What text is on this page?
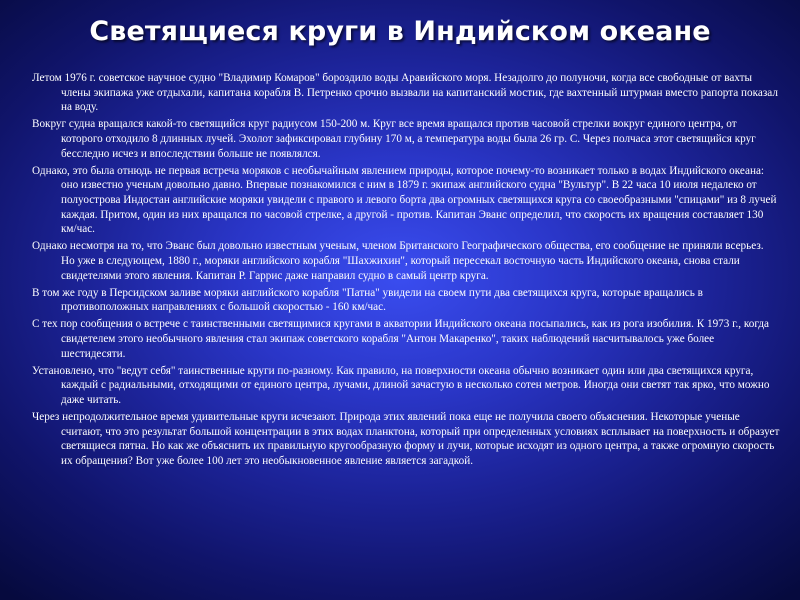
Светящиеся круги в Индийском океане

Летом 1976 г. советское научное судно "Владимир Комаров" бороздило воды Аравийского моря. Незадолго до полуночи, когда все свободные от вахты члены экипажа уже отдыхали, капитана корабля В. Петренко срочно вызвали на капитанский мостик, где вахтенный штурман вместо рапорта показал на воду.

Вокруг судна вращался какой-то светящийся круг радиусом 150-200 м. Круг все время вращался против часовой стрелки вокруг единого центра, от которого отходило 8 длинных лучей. Эхолот зафиксировал глубину 170 м, а температура воды была 26 гр. С. Через полчаса этот светящийся круг бесследно исчез и впоследствии больше не появлялся.

Однако, это была отнюдь не первая встреча моряков с необычайным явлением природы, которое почему-то возникает только в водах Индийского океана: оно известно ученым довольно давно. Впервые познакомился с ним в 1879 г. экипаж английского судна "Вультур". В 22 часа 10 июля недалеко от полуострова Индостан английские моряки увидели с правого и левого борта два огромных светящихся круга со своеобразными "спицами" из 8 лучей каждая. Притом, один из них вращался по часовой стрелке, а другой - против. Капитан Эванс определил, что скорость их вращения составляет 130 км/час.

Однако несмотря на то, что Эванс был довольно известным ученым, членом Британского Географического общества, его сообщение не приняли всерьез. Но уже в следующем, 1880 г., моряки английского корабля "Шахжихин", который пересекал восточную часть Индийского океана, снова стали свидетелями этого явления. Капитан Р. Гаррис даже направил судно в самый центр круга.

В том же году в Персидском заливе моряки английского корабля "Патна" увидели на своем пути два светящихся круга, которые вращались в противоположных направлениях с большой скоростью - 160 км/час.

С тех пор сообщения о встрече с таинственными светящимися кругами в акватории Индийского океана посыпались, как из рога изобилия. К 1973 г., когда свидетелем этого необычного явления стал экипаж советского корабля "Антон Макаренко", таких наблюдений насчитывалось уже более шестидесяти.

Установлено, что "ведут себя" таинственные круги по-разному. Как правило, на поверхности океана обычно возникает один или два светящихся круга, каждый с радиальными, отходящими от единого центра, лучами, длиной зачастую в несколько сотен метров. Иногда они светят так ярко, что можно даже читать.

Через непродолжительное время удивительные круги исчезают. Природа этих явлений пока еще не получила своего объяснения. Некоторые ученые считают, что это результат большой концентрации в этих водах планктона, который при определенных условиях всплывает на поверхность и образует светящиеся пятна. Но как же объяснить их правильную кругообразную форму и лучи, которые исходят из одного центра, а также огромную скорость их обращения? Вот уже более 100 лет это необыкновенное явление является загадкой.
